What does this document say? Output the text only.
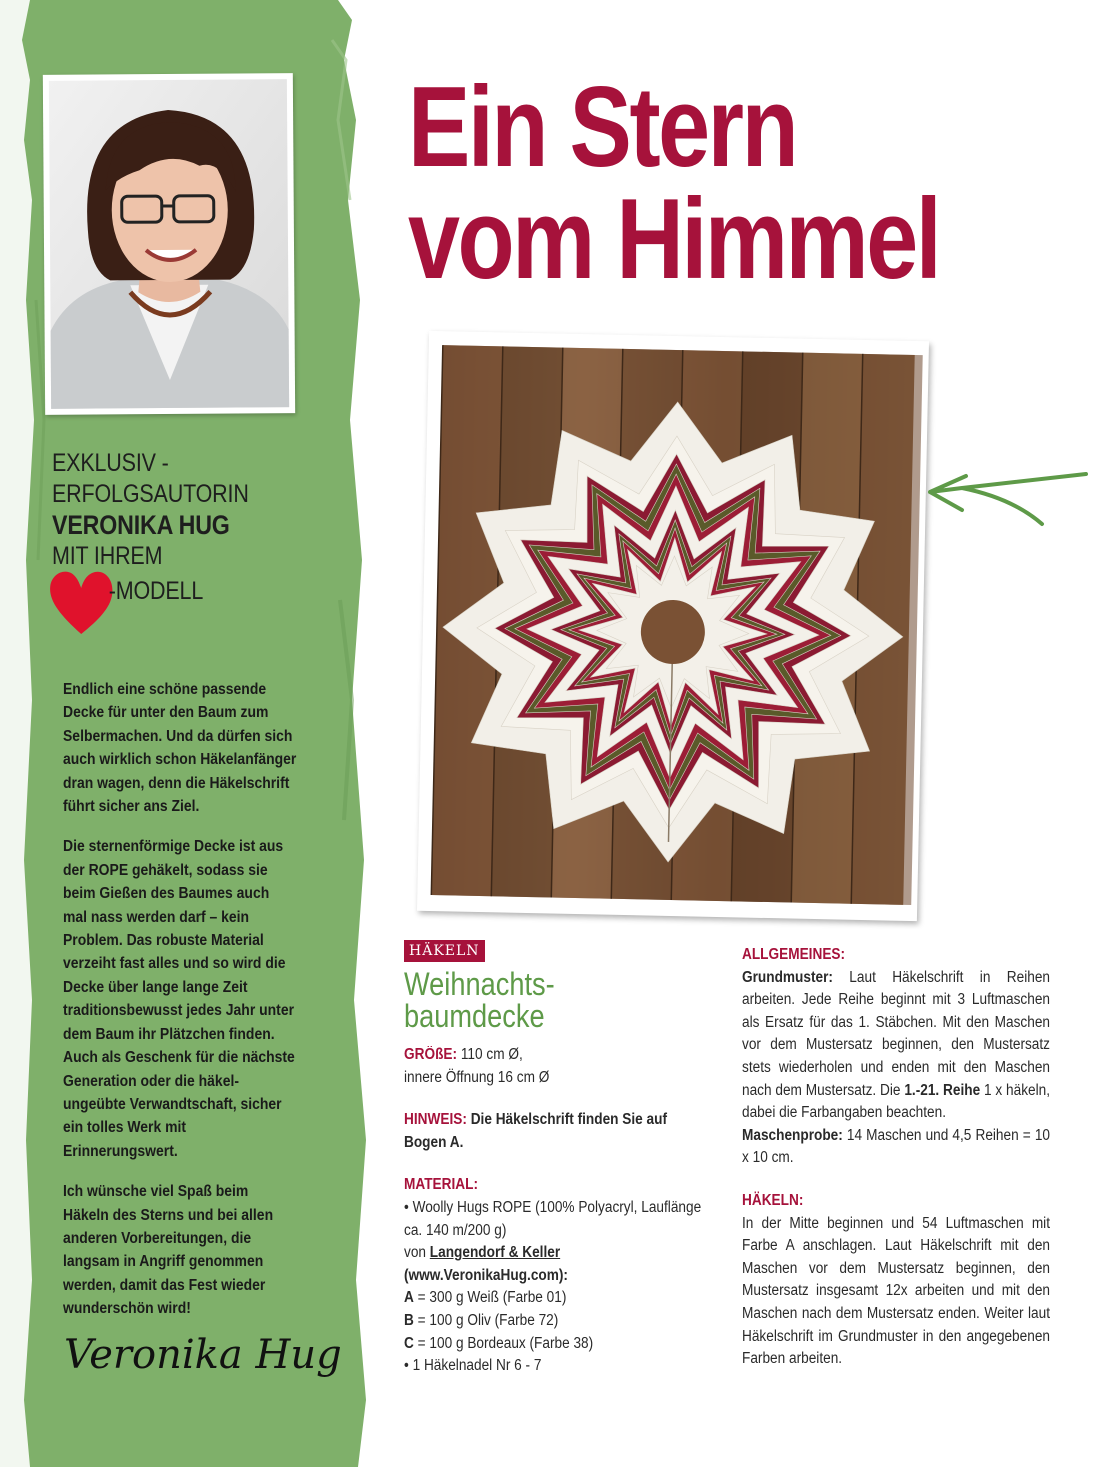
EXKLUSIV -
ERFOLGSAUTORIN
VERONIKA HUG
MIT IHREM
-MODELL

Endlich eine schöne passende Decke für unter den Baum zum Selbermachen. Und da dürfen sich auch wirklich schon Häkelanfänger dran wagen, denn die Häkelschrift führt sicher ans Ziel.

Die sternenförmige Decke ist aus der ROPE gehäkelt, sodass sie beim Gießen des Baumes auch mal nass werden darf – kein Problem. Das robuste Material verzeiht fast alles und so wird die Decke über lange lange Zeit traditionsbewusst jedes Jahr unter dem Baum ihr Plätzchen finden. Auch als Geschenk für die nächste Generation oder die häkel-ungeübte Verwandtschaft, sicher ein tolles Werk mit Erinnerungswert.

Ich wünsche viel Spaß beim Häkeln des Sterns und bei allen anderen Vorbereitungen, die langsam in Angriff genommen werden, damit das Fest wieder wunderschön wird!

Veronika Hug
Ein Stern
vom Himmel
HÄKELN
Weihnachts-
baumdecke
GRÖßE: 110 cm Ø,
innere Öffnung 16 cm Ø
HINWEIS: Die Häkelschrift finden Sie auf Bogen A.
MATERIAL:
• Woolly Hugs ROPE (100% Polyacryl, Lauflänge ca. 140 m/200 g)
von Langendorf & Keller
(www.VeronikaHug.com):
A = 300 g Weiß (Farbe 01)
B = 100 g Oliv (Farbe 72)
C = 100 g Bordeaux (Farbe 38)
• 1 Häkelnadel Nr 6 - 7
ALLGEMEINES:
Grundmuster: Laut Häkelschrift in Reihen arbeiten. Jede Reihe beginnt mit 3 Luftmaschen als Ersatz für das 1. Stäbchen. Mit den Maschen vor dem Mustersatz beginnen, den Mustersatz stets wiederholen und enden mit den Maschen nach dem Mustersatz. Die 1.-21. Reihe 1 x häkeln, dabei die Farbangaben beachten.
Maschenprobe: 14 Maschen und 4,5 Reihen = 10 x 10 cm.
HÄKELN:
In der Mitte beginnen und 54 Luftmaschen mit Farbe A anschlagen. Laut Häkelschrift mit den Maschen vor dem Mustersatz beginnen, den Mustersatz insgesamt 12x arbeiten und mit den Maschen nach dem Mustersatz enden. Weiter laut Häkelschrift im Grundmuster in den angegebenen Farben arbeiten.
